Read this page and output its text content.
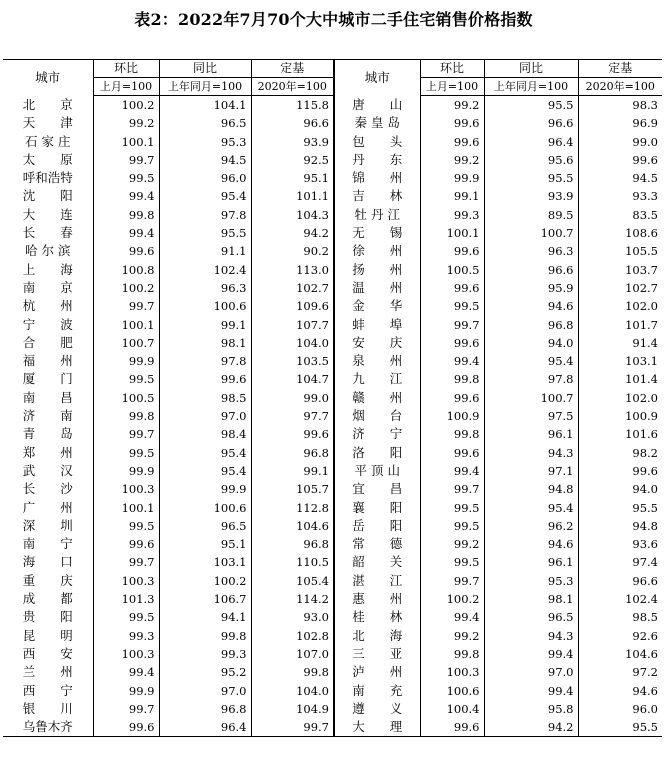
表2：2022年7月70个大中城市二手住宅销售价格指数
城市	环比	同比	定基	城市	环比	同比	定基
	上月=100	上年同月=100	2020年=100		上月=100	上年同月=100	2020年=100
北　　京	100.2	104.1	115.8	唐　　山	99.2	95.5	98.3
天　　津	99.2	96.5	96.6	秦 皇 岛	99.6	96.6	96.9
石 家 庄	100.1	95.3	93.9	包　　头	99.6	96.4	99.0
太　　原	99.7	94.5	92.5	丹　　东	99.2	95.6	99.6
呼和浩特	99.5	96.0	95.1	锦　　州	99.9	95.5	94.5
沈　　阳	99.4	95.4	101.1	吉　　林	99.1	93.9	93.3
大　　连	99.8	97.8	104.3	牡 丹 江	99.3	89.5	83.5
长　　春	99.4	95.5	94.2	无　　锡	100.1	100.7	108.6
哈 尔 滨	99.6	91.1	90.2	徐　　州	99.6	96.3	105.5
上　　海	100.8	102.4	113.0	扬　　州	100.5	96.6	103.7
南　　京	100.2	96.3	102.7	温　　州	99.6	95.9	102.7
杭　　州	99.7	100.6	109.6	金　　华	99.5	94.6	102.0
宁　　波	100.1	99.1	107.7	蚌　　埠	99.7	96.8	101.7
合　　肥	100.7	98.1	104.0	安　　庆	99.6	94.0	91.4
福　　州	99.9	97.8	103.5	泉　　州	99.4	95.4	103.1
厦　　门	99.5	99.6	104.7	九　　江	99.8	97.8	101.4
南　　昌	100.5	98.5	99.0	赣　　州	99.6	100.7	102.0
济　　南	99.8	97.0	97.7	烟　　台	100.9	97.5	100.9
青　　岛	99.7	98.4	99.6	济　　宁	99.8	96.1	101.6
郑　　州	99.5	95.4	96.8	洛　　阳	99.6	94.3	98.2
武　　汉	99.9	95.4	99.1	平 顶 山	99.4	97.1	99.6
长　　沙	100.3	99.9	105.7	宜　　昌	99.7	94.8	94.0
广　　州	100.1	100.6	112.8	襄　　阳	99.5	95.4	95.5
深　　圳	99.5	96.5	104.6	岳　　阳	99.5	96.2	94.8
南　　宁	99.6	95.1	96.8	常　　德	99.2	94.6	93.6
海　　口	99.7	103.1	110.5	韶　　关	99.5	96.1	97.4
重　　庆	100.3	100.2	105.4	湛　　江	99.7	95.3	96.6
成　　都	101.3	106.7	114.2	惠　　州	100.2	98.1	102.4
贵　　阳	99.5	94.1	93.0	桂　　林	99.4	96.5	98.5
昆　　明	99.3	99.8	102.8	北　　海	99.2	94.3	92.6
西　　安	100.3	99.3	107.0	三　　亚	99.8	99.4	104.6
兰　　州	99.4	95.2	99.8	泸　　州	100.3	97.0	97.2
西　　宁	99.9	97.0	104.0	南　　充	100.6	99.4	94.6
银　　川	99.7	96.8	104.9	遵　　义	100.4	95.8	96.0
乌鲁木齐	99.6	96.4	99.7	大　　理	99.6	94.2	95.5
